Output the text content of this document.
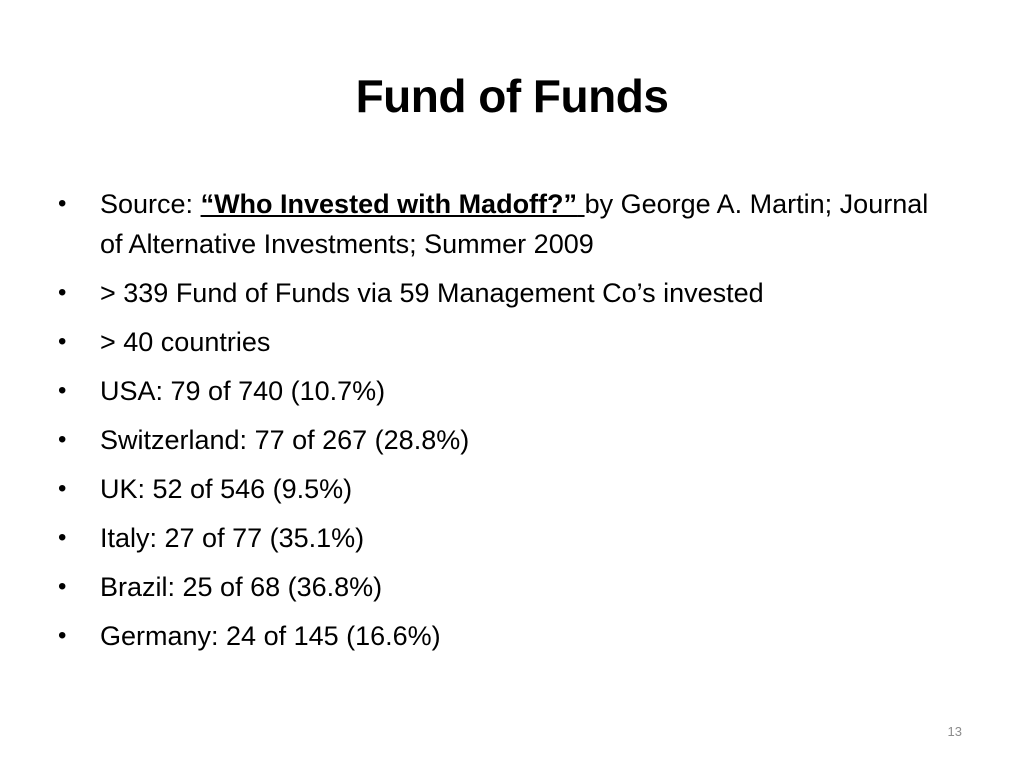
Fund of Funds
• Source: “Who Invested with Madoff?” by George A. Martin; Journal of Alternative Investments; Summer 2009
• > 339 Fund of Funds via 59 Management Co’s invested
• > 40 countries
• USA: 79 of 740 (10.7%)
• Switzerland: 77 of 267 (28.8%)
• UK: 52 of 546 (9.5%)
• Italy: 27 of 77 (35.1%)
• Brazil: 25 of 68 (36.8%)
• Germany: 24 of 145 (16.6%)
13
